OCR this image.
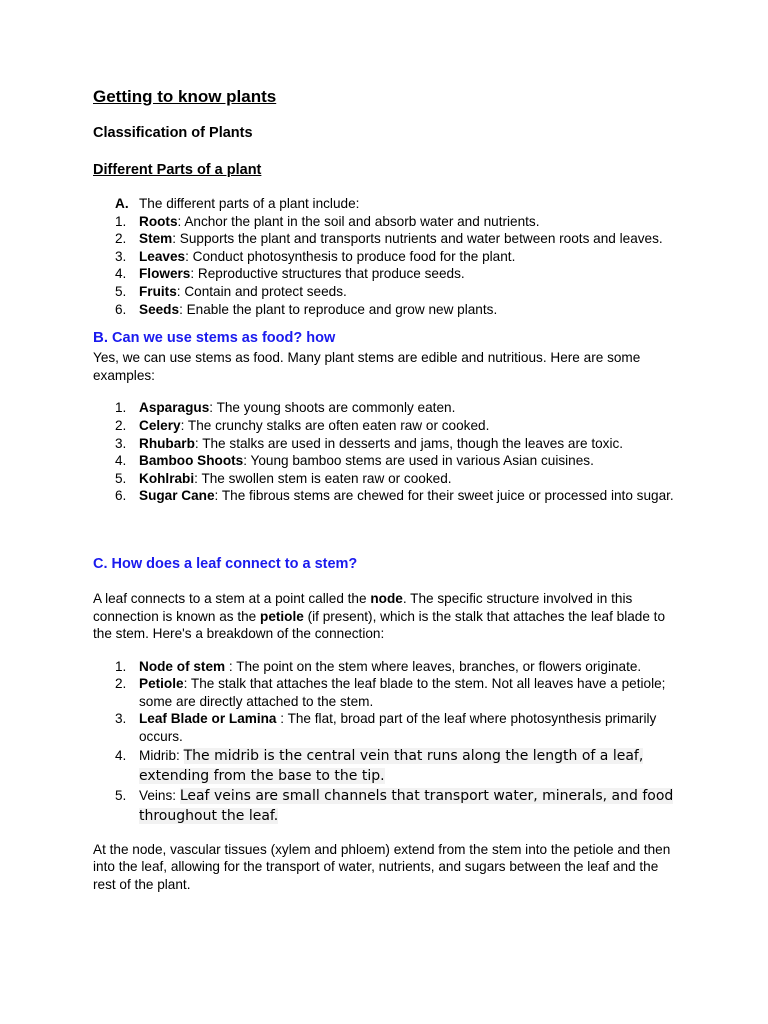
Getting to know plants
Classification of Plants
Different Parts of a plant
A. The different parts of a plant include:
1. Roots: Anchor the plant in the soil and absorb water and nutrients.
2. Stem: Supports the plant and transports nutrients and water between roots and leaves.
3. Leaves: Conduct photosynthesis to produce food for the plant.
4. Flowers: Reproductive structures that produce seeds.
5. Fruits: Contain and protect seeds.
6. Seeds: Enable the plant to reproduce and grow new plants.
B. Can we use stems as food? how

Yes, we can use stems as food. Many plant stems are edible and nutritious. Here are some examples:

1. Asparagus: The young shoots are commonly eaten.
2. Celery: The crunchy stalks are often eaten raw or cooked.
3. Rhubarb: The stalks are used in desserts and jams, though the leaves are toxic.
4. Bamboo Shoots: Young bamboo stems are used in various Asian cuisines.
5. Kohlrabi: The swollen stem is eaten raw or cooked.
6. Sugar Cane: The fibrous stems are chewed for their sweet juice or processed into sugar.
C. How does a leaf connect to a stem?

A leaf connects to a stem at a point called the node. The specific structure involved in this connection is known as the petiole (if present), which is the stalk that attaches the leaf blade to the stem. Here's a breakdown of the connection:

1. Node of stem : The point on the stem where leaves, branches, or flowers originate.
2. Petiole: The stalk that attaches the leaf blade to the stem. Not all leaves have a petiole; some are directly attached to the stem.
3. Leaf Blade or Lamina : The flat, broad part of the leaf where photosynthesis primarily occurs.
4. Midrib: The midrib is the central vein that runs along the length of a leaf, extending from the base to the tip.
5. Veins: Leaf veins are small channels that transport water, minerals, and food throughout the leaf.

At the node, vascular tissues (xylem and phloem) extend from the stem into the petiole and then into the leaf, allowing for the transport of water, nutrients, and sugars between the leaf and the rest of the plant.
